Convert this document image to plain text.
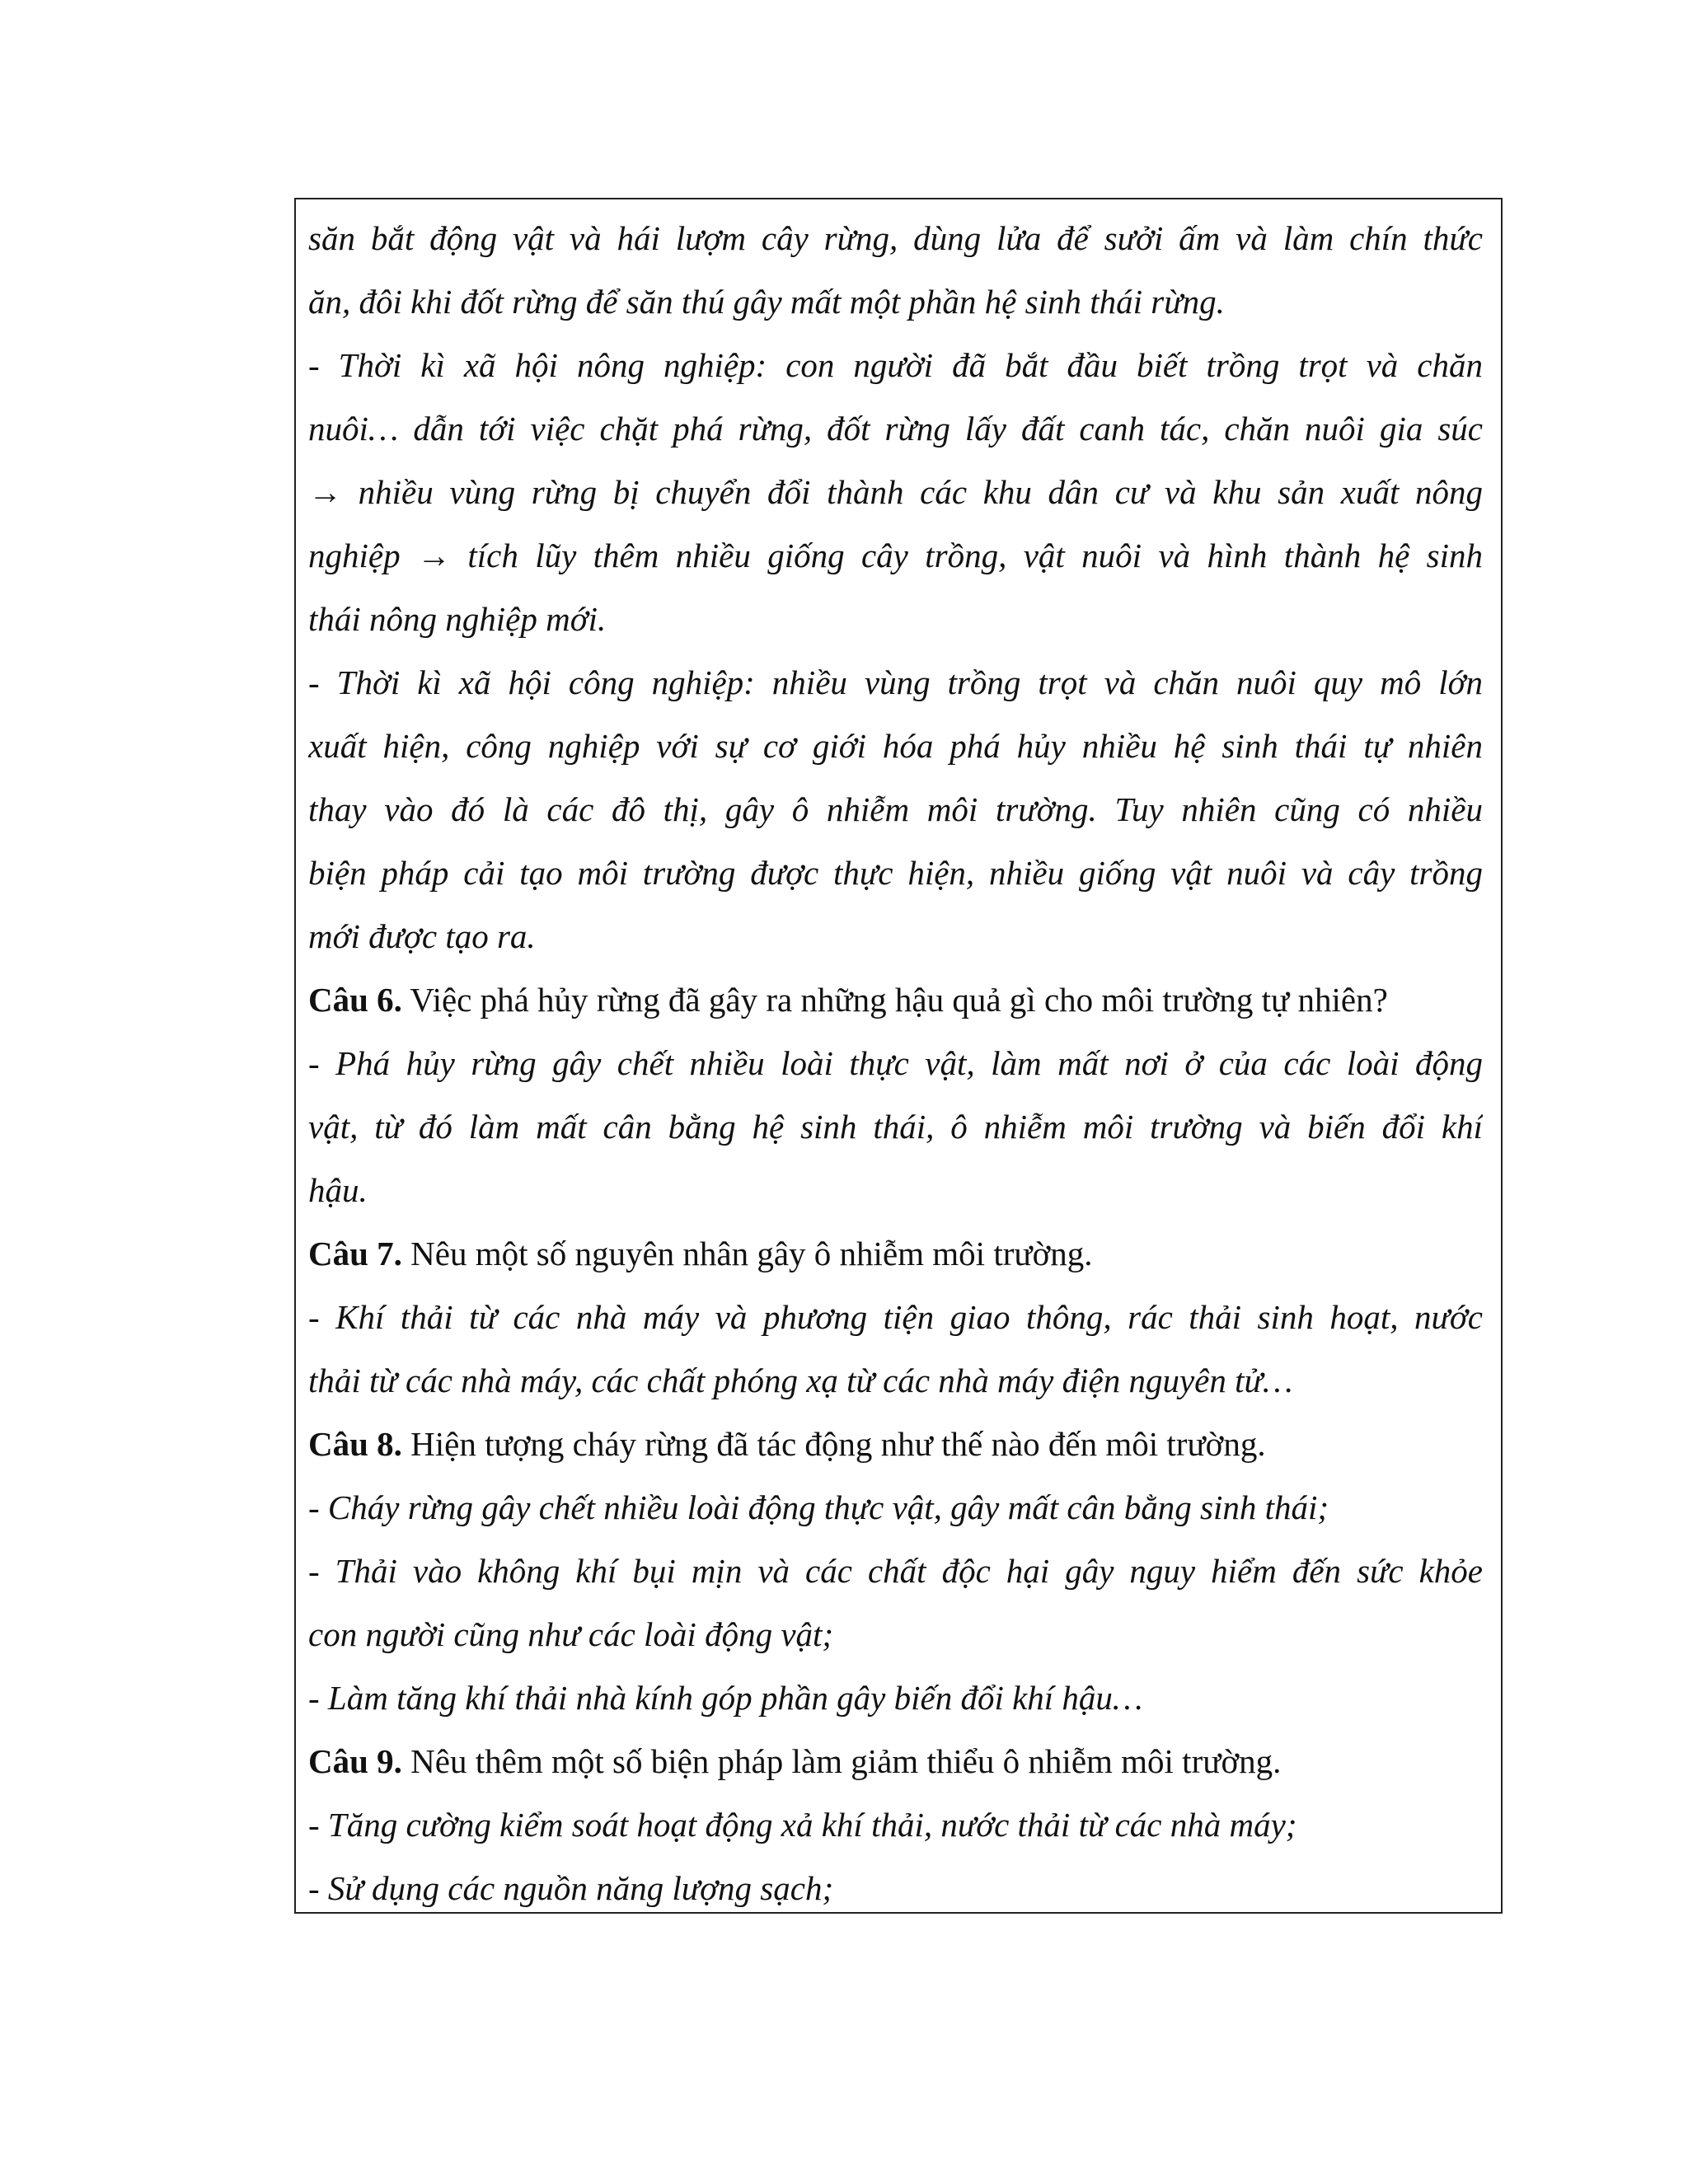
săn bắt động vật và hái lượm cây rừng, dùng lửa để sưởi ấm và làm chín thức
ăn, đôi khi đốt rừng để săn thú gây mất một phần hệ sinh thái rừng.
- Thời kì xã hội nông nghiệp: con người đã bắt đầu biết trồng trọt và chăn
nuôi… dẫn tới việc chặt phá rừng, đốt rừng lấy đất canh tác, chăn nuôi gia súc
→ nhiều vùng rừng bị chuyển đổi thành các khu dân cư và khu sản xuất nông
nghiệp → tích lũy thêm nhiều giống cây trồng, vật nuôi và hình thành hệ sinh
thái nông nghiệp mới.
- Thời kì xã hội công nghiệp: nhiều vùng trồng trọt và chăn nuôi quy mô lớn
xuất hiện, công nghiệp với sự cơ giới hóa phá hủy nhiều hệ sinh thái tự nhiên
thay vào đó là các đô thị, gây ô nhiễm môi trường. Tuy nhiên cũng có nhiều
biện pháp cải tạo môi trường được thực hiện, nhiều giống vật nuôi và cây trồng
mới được tạo ra.
Câu 6. Việc phá hủy rừng đã gây ra những hậu quả gì cho môi trường tự nhiên?
- Phá hủy rừng gây chết nhiều loài thực vật, làm mất nơi ở của các loài động
vật, từ đó làm mất cân bằng hệ sinh thái, ô nhiễm môi trường và biến đổi khí
hậu.
Câu 7. Nêu một số nguyên nhân gây ô nhiễm môi trường.
- Khí thải từ các nhà máy và phương tiện giao thông, rác thải sinh hoạt, nước
thải từ các nhà máy, các chất phóng xạ từ các nhà máy điện nguyên tử…
Câu 8. Hiện tượng cháy rừng đã tác động như thế nào đến môi trường.
- Cháy rừng gây chết nhiều loài động thực vật, gây mất cân bằng sinh thái;
- Thải vào không khí bụi mịn và các chất độc hại gây nguy hiểm đến sức khỏe
con người cũng như các loài động vật;
- Làm tăng khí thải nhà kính góp phần gây biến đổi khí hậu…
Câu 9. Nêu thêm một số biện pháp làm giảm thiểu ô nhiễm môi trường.
- Tăng cường kiểm soát hoạt động xả khí thải, nước thải từ các nhà máy;
- Sử dụng các nguồn năng lượng sạch;
